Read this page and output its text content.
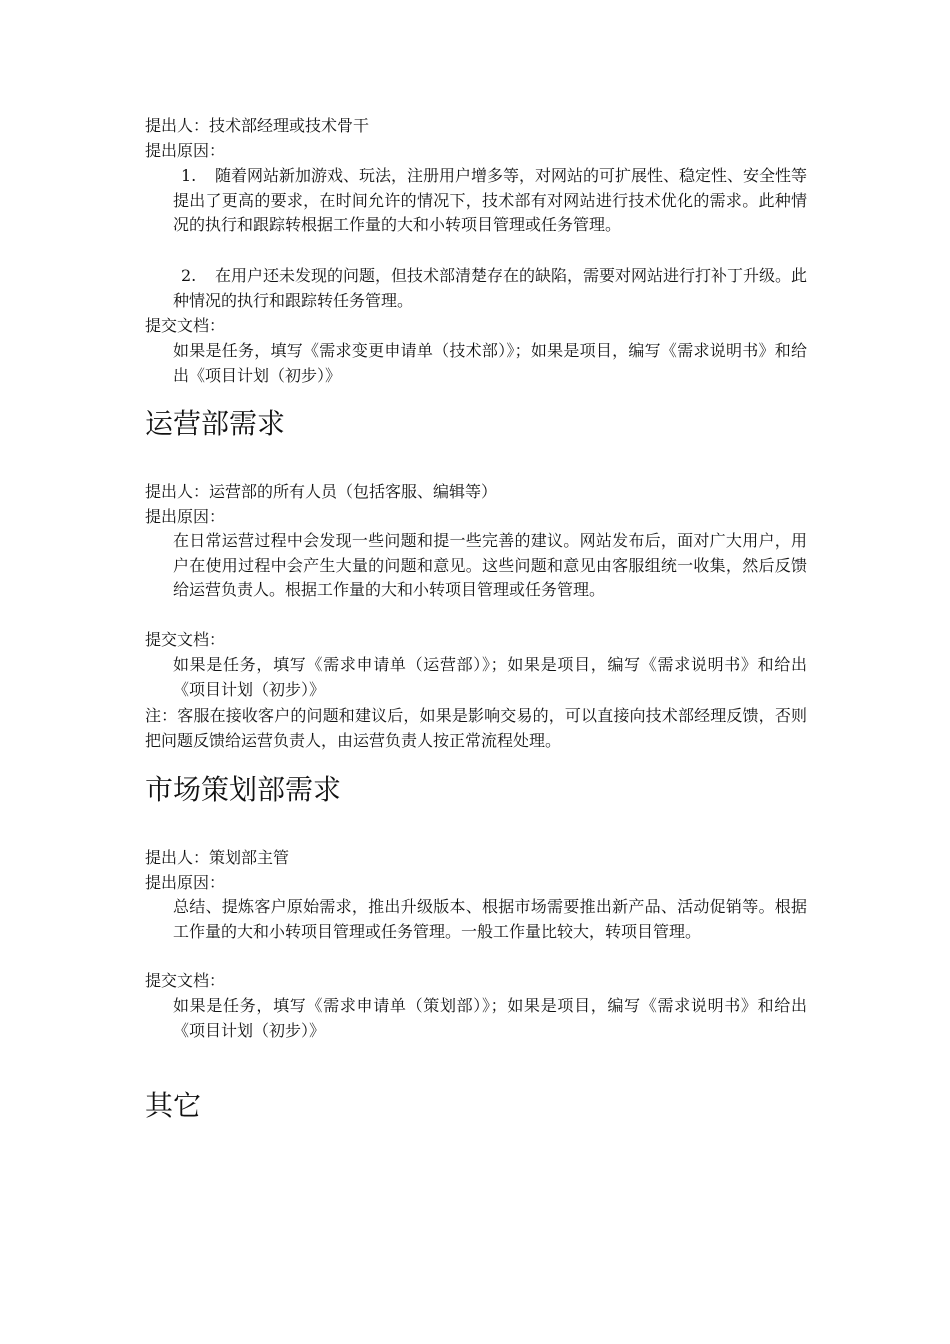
提出人：技术部经理或技术骨干
提出原因：
1. 随着网站新加游戏、玩法，注册用户增多等，对网站的可扩展性、稳定性、安全性等提出了更高的要求，在时间允许的情况下，技术部有对网站进行技术优化的需求。此种情况的执行和跟踪转根据工作量的大和小转项目管理或任务管理。
2. 在用户还未发现的问题，但技术部清楚存在的缺陷，需要对网站进行打补丁升级。此种情况的执行和跟踪转任务管理。
提交文档：
如果是任务，填写《需求变更申请单（技术部）》；如果是项目，编写《需求说明书》和给出《项目计划（初步）》
运营部需求
提出人：运营部的所有人员（包括客服、编辑等）
提出原因：
在日常运营过程中会发现一些问题和提一些完善的建议。网站发布后，面对广大用户，用户在使用过程中会产生大量的问题和意见。这些问题和意见由客服组统一收集，然后反馈给运营负责人。根据工作量的大和小转项目管理或任务管理。
提交文档：
如果是任务，填写《需求申请单（运营部）》；如果是项目，编写《需求说明书》和给出《项目计划（初步）》
注：客服在接收客户的问题和建议后，如果是影响交易的，可以直接向技术部经理反馈，否则把问题反馈给运营负责人，由运营负责人按正常流程处理。
市场策划部需求
提出人：策划部主管
提出原因：
总结、提炼客户原始需求，推出升级版本、根据市场需要推出新产品、活动促销等。根据工作量的大和小转项目管理或任务管理。一般工作量比较大，转项目管理。
提交文档：
如果是任务，填写《需求申请单（策划部）》；如果是项目，编写《需求说明书》和给出《项目计划（初步）》
其它
